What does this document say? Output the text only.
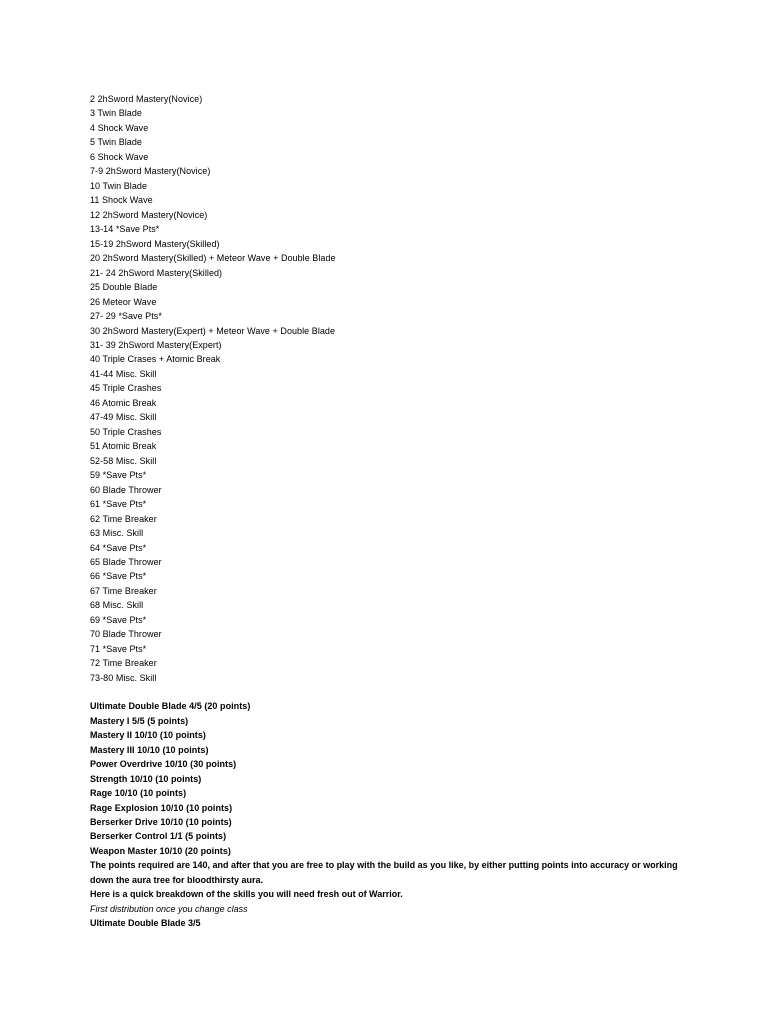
2 2hSword Mastery(Novice)
3 Twin Blade
4 Shock Wave
5 Twin Blade
6 Shock Wave
7-9 2hSword Mastery(Novice)
10 Twin Blade
11 Shock Wave
12 2hSword Mastery(Novice)
13-14 *Save Pts*
15-19 2hSword Mastery(Skilled)
20 2hSword Mastery(Skilled) + Meteor Wave + Double Blade
21- 24 2hSword Mastery(Skilled)
25 Double Blade
26 Meteor Wave
27- 29 *Save Pts*
30 2hSword Mastery(Expert) + Meteor Wave + Double Blade
31- 39 2hSword Mastery(Expert)
40 Triple Crases + Atomic Break
41-44 Misc. Skill
45 Triple Crashes
46 Atomic Break
47-49 Misc. Skill
50 Triple Crashes
51 Atomic Break
52-58 Misc. Skill
59 *Save Pts*
60 Blade Thrower
61 *Save Pts*
62 Time Breaker
63 Misc. Skill
64 *Save Pts*
65 Blade Thrower
66 *Save Pts*
67 Time Breaker
68 Misc. Skill
69 *Save Pts*
70 Blade Thrower
71 *Save Pts*
72 Time Breaker
73-80 Misc. Skill
Ultimate Double Blade 4/5 (20 points)
Mastery I 5/5 (5 points)
Mastery II 10/10 (10 points)
Mastery III 10/10 (10 points)
Power Overdrive 10/10 (30 points)
Strength 10/10 (10 points)
Rage 10/10 (10 points)
Rage Explosion 10/10 (10 points)
Berserker Drive 10/10 (10 points)
Berserker Control 1/1 (5 points)
Weapon Master 10/10 (20 points)

The points required are 140, and after that you are free to play with the build as you like, by either putting points into accuracy or working down the aura tree for bloodthirsty aura.

Here is a quick breakdown of the skills you will need fresh out of Warrior.

First distribution once you change class

Ultimate Double Blade 3/5
